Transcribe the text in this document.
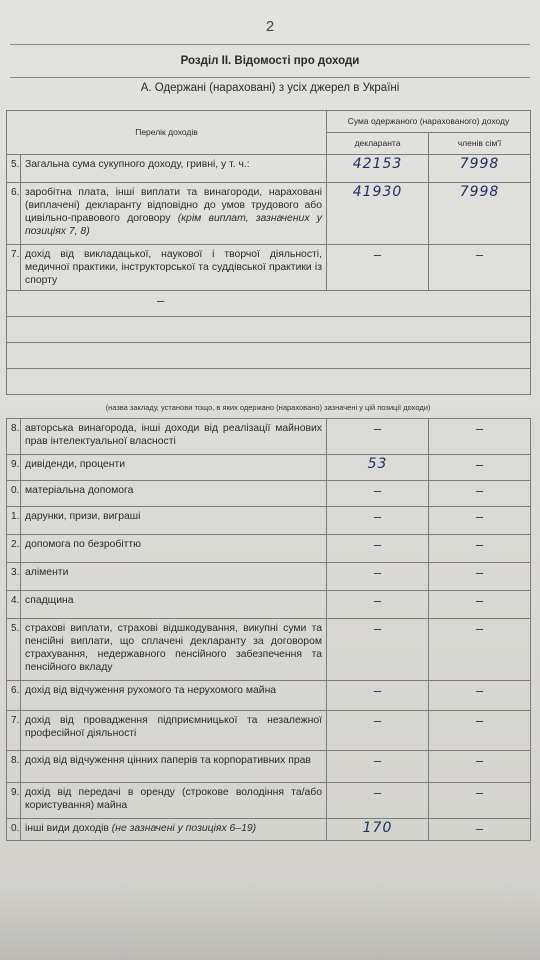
2
Розділ II. Відомості про доходи
А. Одержані (нараховані) з усіх джерел в Україні
Перелік доходів		Сума одержаного (нарахованого) доходу	
		декларанта	членів сім'ї
5.	Загальна сума сукупного доходу, гривні, у т. ч.:	42153	7998
6.	заробітна плата, інші виплати та винагороди, нараховані (виплачені) декларанту відповідно до умов трудового або цивільно-правового договору (крім виплат, зазначених у позиціях 7, 8)	41930	7998
7.	дохід від викладацької, наукової і творчої діяльності, медичної практики, інструкторської та суддівської практики із спорту	–	–
–			

(назва закладу, установи тощо, в яких одержано (нараховано) зазначені у цій позиції доходи)
8.	авторська винагорода, інші доходи від реалізації майнових прав інтелектуальної власності	–	–
9.	дивіденди, проценти	53	–
0.	матеріальна допомога	–	–
1.	дарунки, призи, виграші	–	–
2.	допомога по безробіттю	–	–
3.	аліменти	–	–
4.	спадщина	–	–
5.	страхові виплати, страхові відшкодування, викупні суми та пенсійні виплати, що сплачені декларанту за договором страхування, недержавного пенсійного забезпечення та пенсійного вкладу	–	–
6.	дохід від відчуження рухомого та нерухомого майна	–	–
7.	дохід від провадження підприємницької та незалежної професійної діяльності	–	–
8.	дохід від відчуження цінних паперів та корпоративних прав	–	–
9.	дохід від передачі в оренду (строкове володіння та/або користування) майна	–	–
0.	інші види доходів (не зазначені у позиціях 6–19)	170	–
